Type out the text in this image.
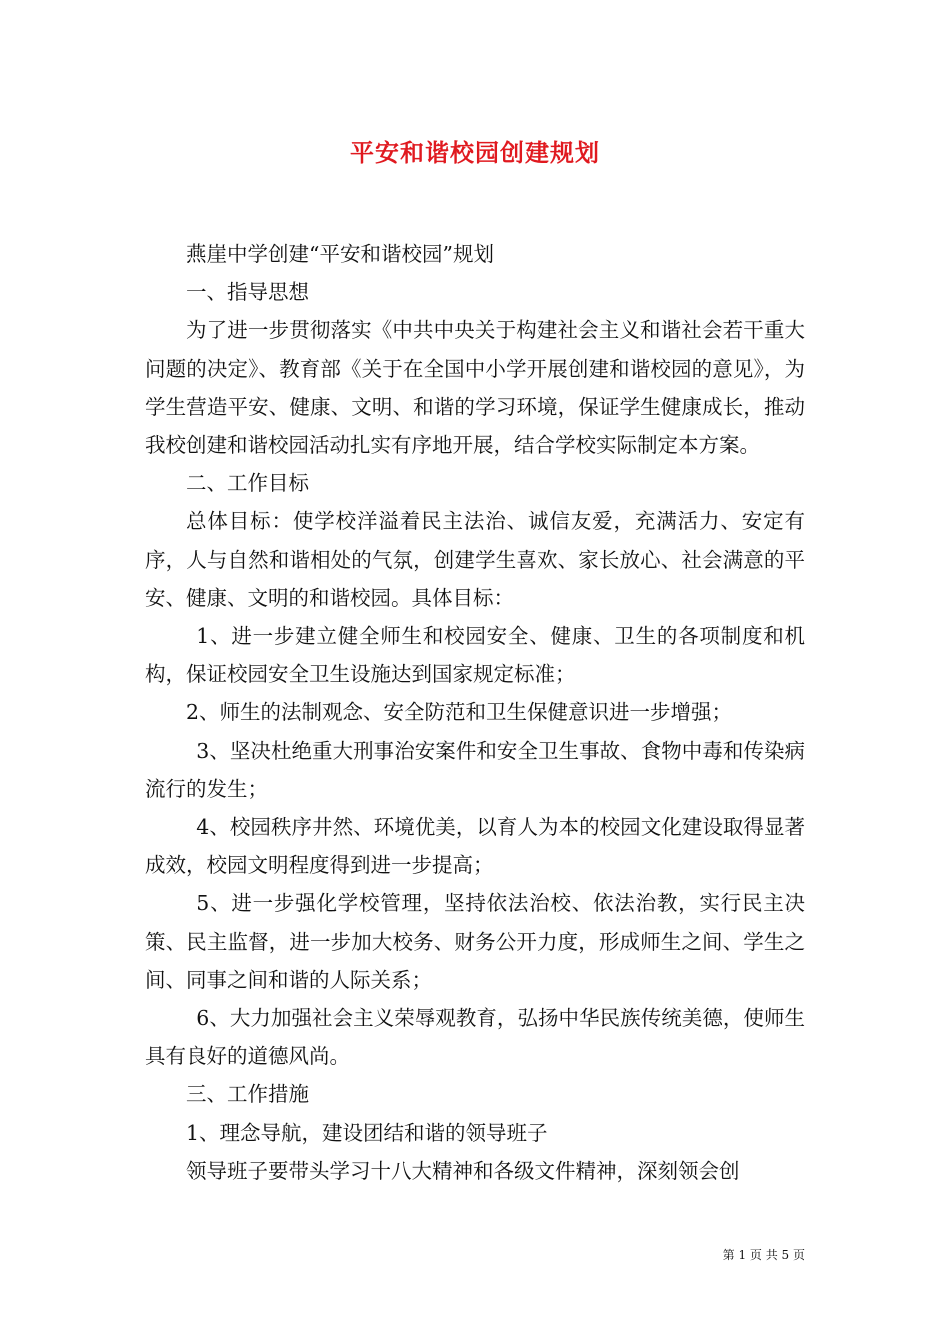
平安和谐校园创建规划

燕崖中学创建“平安和谐校园”规划

一、指导思想

为了进一步贯彻落实《中共中央关于构建社会主义和谐社会若干重大问题的决定》、教育部《关于在全国中小学开展创建和谐校园的意见》，为学生营造平安、健康、文明、和谐的学习环境，保证学生健康成长，推动我校创建和谐校园活动扎实有序地开展，结合学校实际制定本方案。

二、工作目标

总体目标：使学校洋溢着民主法治、诚信友爱，充满活力、安定有序，人与自然和谐相处的气氛，创建学生喜欢、家长放心、社会满意的平安、健康、文明的和谐校园。具体目标：

1、进一步建立健全师生和校园安全、健康、卫生的各项制度和机构，保证校园安全卫生设施达到国家规定标准；

2、师生的法制观念、安全防范和卫生保健意识进一步增强；

3、坚决杜绝重大刑事治安案件和安全卫生事故、食物中毒和传染病流行的发生；

4、校园秩序井然、环境优美，以育人为本的校园文化建设取得显著成效，校园文明程度得到进一步提高；

5、进一步强化学校管理，坚持依法治校、依法治教，实行民主决策、民主监督，进一步加大校务、财务公开力度，形成师生之间、学生之间、同事之间和谐的人际关系；

6、大力加强社会主义荣辱观教育，弘扬中华民族传统美德，使师生具有良好的道德风尚。

三、工作措施

1、理念导航，建设团结和谐的领导班子

领导班子要带头学习十八大精神和各级文件精神，深刻领会创

第 1 页 共 5 页
